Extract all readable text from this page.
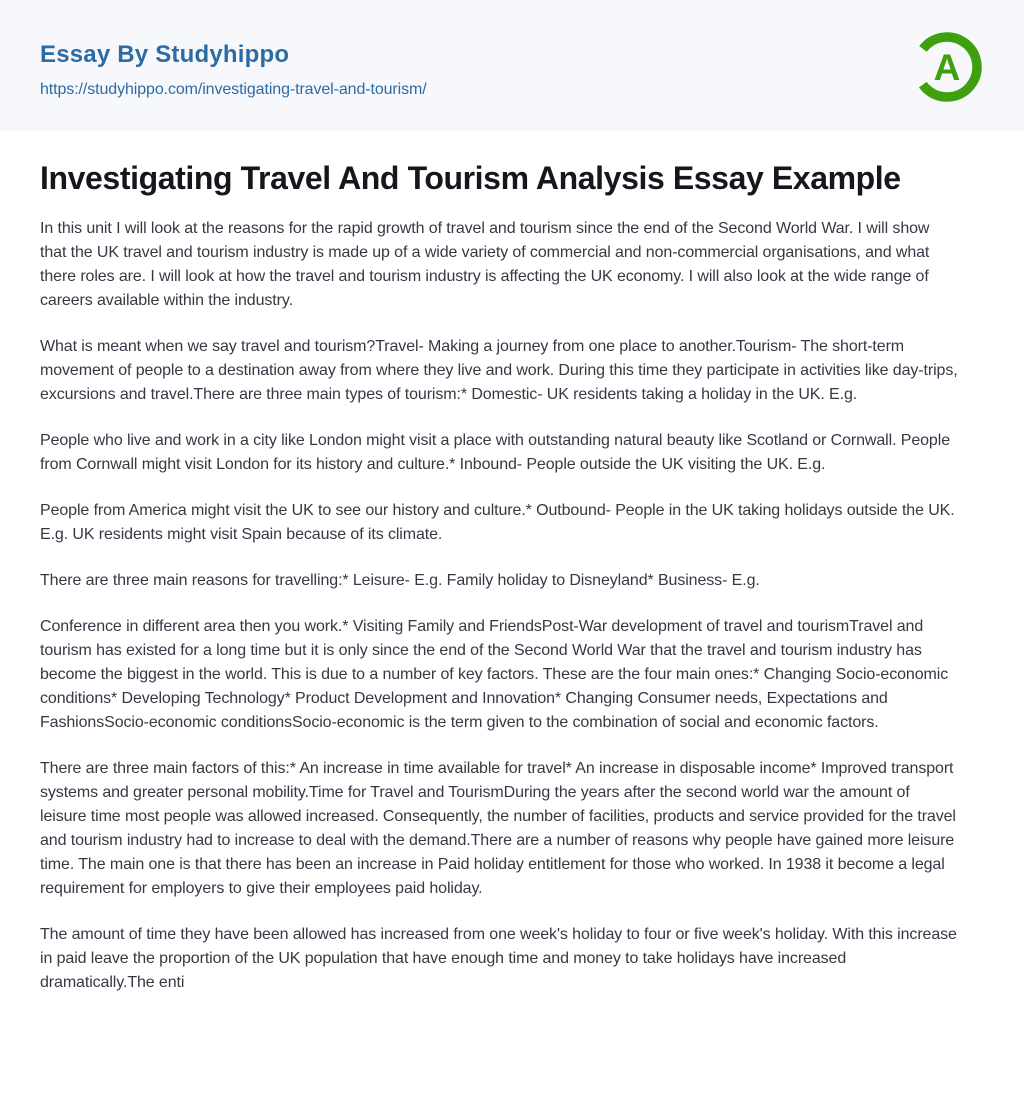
Essay By Studyhippo
https://studyhippo.com/investigating-travel-and-tourism/
A
Investigating Travel And Tourism Analysis Essay Example

In this unit I will look at the reasons for the rapid growth of travel and tourism since the end of the Second World War. I will show that the UK travel and tourism industry is made up of a wide variety of commercial and non-commercial organisations, and what there roles are. I will look at how the travel and tourism industry is affecting the UK economy. I will also look at the wide range of careers available within the industry.

What is meant when we say travel and tourism?Travel- Making a journey from one place to another.Tourism- The short-term movement of people to a destination away from where they live and work. During this time they participate in activities like day-trips, excursions and travel.There are three main types of tourism:* Domestic- UK residents taking a holiday in the UK. E.g.

People who live and work in a city like London might visit a place with outstanding natural beauty like Scotland or Cornwall. People from Cornwall might visit London for its history and culture.* Inbound- People outside the UK visiting the UK. E.g.

People from America might visit the UK to see our history and culture.* Outbound- People in the UK taking holidays outside the UK. E.g. UK residents might visit Spain because of its climate.

There are three main reasons for travelling:* Leisure- E.g. Family holiday to Disneyland* Business- E.g.

Conference in different area then you work.* Visiting Family and FriendsPost-War development of travel and tourismTravel and tourism has existed for a long time but it is only since the end of the Second World War that the travel and tourism industry has become the biggest in the world. This is due to a number of key factors. These are the four main ones:* Changing Socio-economic conditions* Developing Technology* Product Development and Innovation* Changing Consumer needs, Expectations and FashionsSocio-economic conditionsSocio-economic is the term given to the combination of social and economic factors.

There are three main factors of this:* An increase in time available for travel* An increase in disposable income* Improved transport systems and greater personal mobility.Time for Travel and TourismDuring the years after the second world war the amount of leisure time most people was allowed increased. Consequently, the number of facilities, products and service provided for the travel and tourism industry had to increase to deal with the demand.There are a number of reasons why people have gained more leisure time. The main one is that there has been an increase in Paid holiday entitlement for those who worked. In 1938 it become a legal requirement for employers to give their employees paid holiday.

The amount of time they have been allowed has increased from one week's holiday to four or five week's holiday. With this increase in paid leave the proportion of the UK population that have enough time and money to take holidays have increased dramatically.The enti
